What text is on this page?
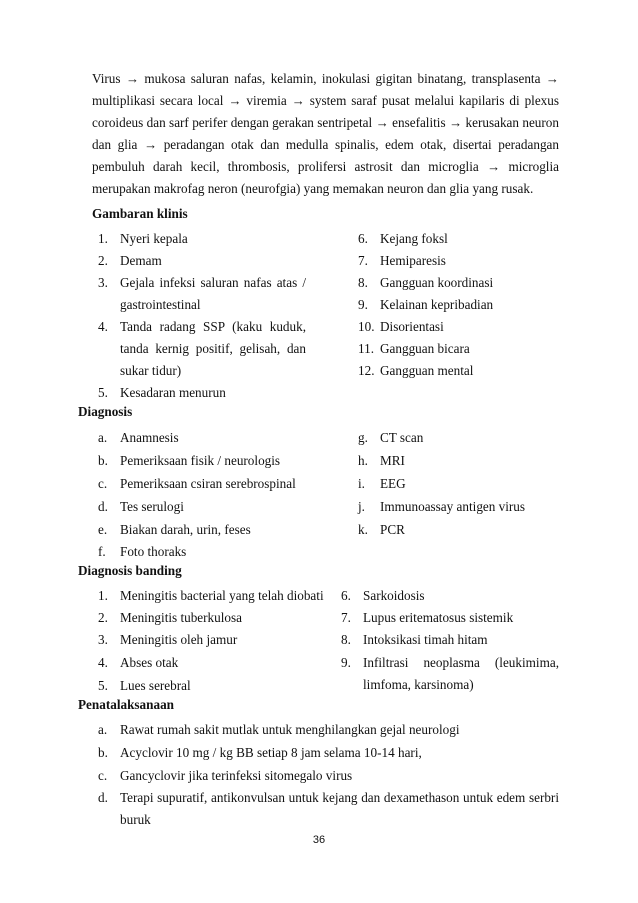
Virus → mukosa saluran nafas, kelamin, inokulasi gigitan binatang, transplasenta → multiplikasi secara local → viremia → system saraf pusat melalui kapilaris di plexus coroideus dan sarf perifer dengan gerakan sentripetal → ensefalitis → kerusakan neuron dan glia → peradangan otak dan medulla spinalis, edem otak, disertai peradangan pembuluh darah kecil, thrombosis, prolifersi astrosit dan microglia → microglia merupakan makrofag neron (neurofgia) yang memakan neuron dan glia yang rusak.

Gambaran klinis
1. Nyeri kepala
2. Demam
3. Gejala infeksi saluran nafas atas / gastrointestinal
4. Tanda radang SSP (kaku kuduk, tanda kernig positif, gelisah, dan sukar tidur)
5. Kesadaran menurun
6. Kejang foksl
7. Hemiparesis
8. Gangguan koordinasi
9. Kelainan kepribadian
10. Disorientasi
11. Gangguan bicara
12. Gangguan mental
Diagnosis
a. Anamnesis
b. Pemeriksaan fisik / neurologis
c. Pemeriksaan csiran serebrospinal
d. Tes serulogi
e. Biakan darah, urin, feses
f. Foto thoraks
g. CT scan
h. MRI
i. EEG
j. Immunoassay antigen virus
k. PCR
Diagnosis banding
1. Meningitis bacterial yang telah diobati
2. Meningitis tuberkulosa
3. Meningitis oleh jamur
4. Abses otak
5. Lues serebral
6. Sarkoidosis
7. Lupus eritematosus sistemik
8. Intoksikasi timah hitam
9. Infiltrasi neoplasma (leukimima, limfoma, karsinoma)
Penatalaksanaan
a. Rawat rumah sakit mutlak untuk menghilangkan gejal neurologi
b. Acyclovir 10 mg / kg BB setiap 8 jam selama 10-14 hari,
c. Gancyclovir jika terinfeksi sitomegalo virus
d. Terapi supuratif, antikonvulsan untuk kejang dan dexamethason untuk edem serbri buruk
36
